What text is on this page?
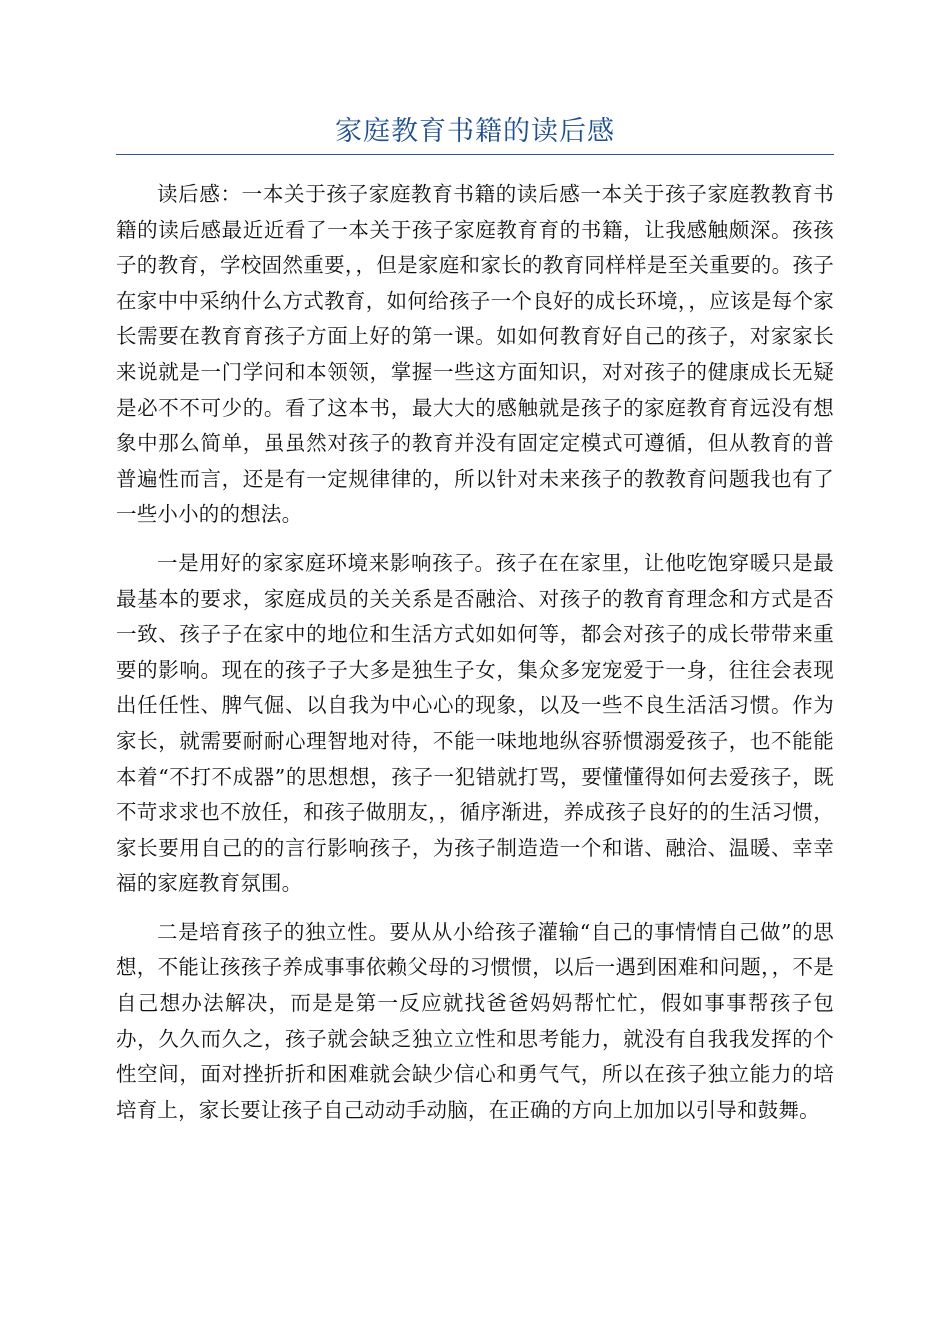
家庭教育书籍的读后感

读后感：一本关于孩子家庭教育书籍的读后感一本关于孩子家庭教教育书籍的读后感最近近看了一本关于孩子家庭教育育的书籍，让我感触颇深。孩孩子的教育，学校固然重要，，但是家庭和家长的教育同样样是至关重要的。孩子在家中中采纳什么方式教育，如何给孩子一个良好的成长环境，，应该是每个家长需要在教育育孩子方面上好的第一课。如如何教育好自己的孩子，对家家长来说就是一门学问和本领领，掌握一些这方面知识，对对孩子的健康成长无疑是必不不可少的。看了这本书，最大大的感触就是孩子的家庭教育育远没有想象中那么简单，虽虽然对孩子的教育并没有固定定模式可遵循，但从教育的普普遍性而言，还是有一定规律律的，所以针对未来孩子的教教育问题我也有了一些小小的的想法。

一是用好的家家庭环境来影响孩子。孩子在在家里，让他吃饱穿暖只是最最基本的要求，家庭成员的关关系是否融洽、对孩子的教育育理念和方式是否一致、孩子子在家中的地位和生活方式如如何等，都会对孩子的成长带带来重要的影响。现在的孩子子大多是独生子女，集众多宠宠爱于一身，往往会表现出任任性、脾气倔、以自我为中心心的现象，以及一些不良生活活习惯。作为家长，就需要耐耐心理智地对待，不能一味地地纵容骄惯溺爱孩子，也不能能本着“不打不成器”的思想想，孩子一犯错就打骂，要懂懂得如何去爱孩子，既不苛求求也不放任，和孩子做朋友，，循序渐进，养成孩子良好的的生活习惯，家长要用自己的的言行影响孩子，为孩子制造造一个和谐、融洽、温暖、幸幸福的家庭教育氛围。

二是培育孩子的独立性。要从从小给孩子灌输“自己的事情情自己做”的思想，不能让孩孩子养成事事依赖父母的习惯惯，以后一遇到困难和问题，，不是自己想办法解决，而是是第一反应就找爸爸妈妈帮忙忙，假如事事帮孩子包办，久久而久之，孩子就会缺乏独立立性和思考能力，就没有自我我发挥的个性空间，面对挫折折和困难就会缺少信心和勇气气，所以在孩子独立能力的培培育上，家长要让孩子自己动动手动脑，在正确的方向上加加以引导和鼓舞。
